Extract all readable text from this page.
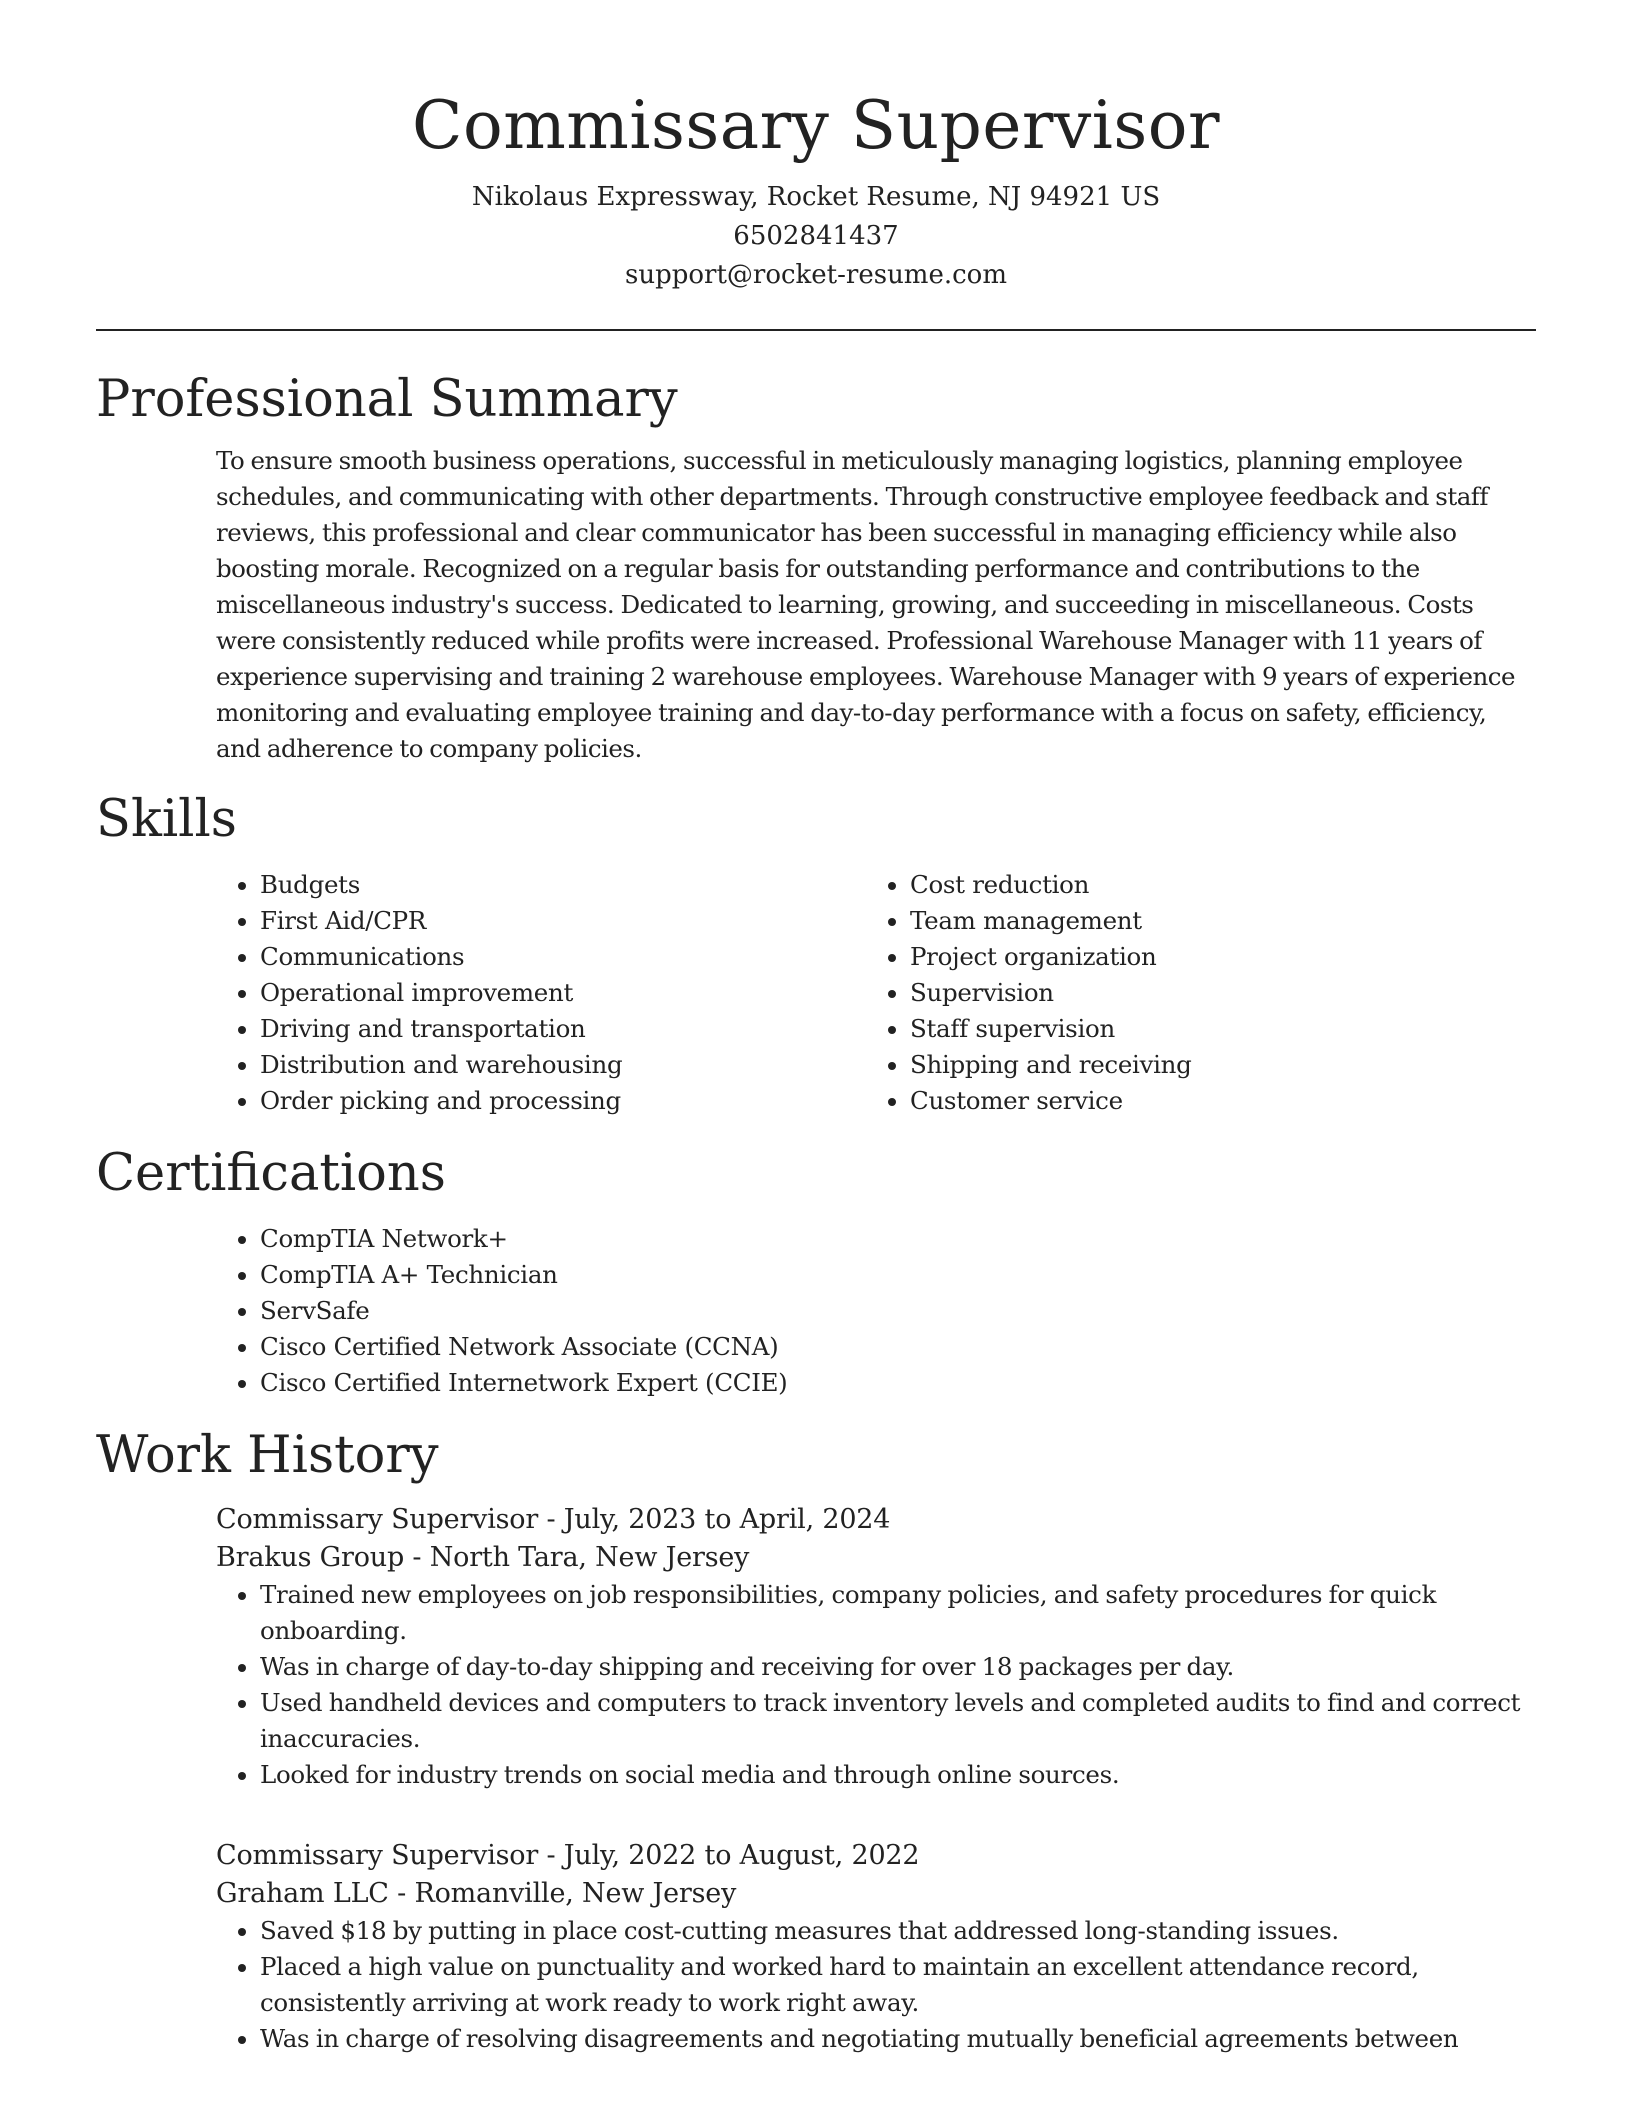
Commissary Supervisor
Nikolaus Expressway, Rocket Resume, NJ 94921 US
6502841437
support@rocket-resume.com
Professional Summary
To ensure smooth business operations, successful in meticulously managing logistics, planning employee schedules, and communicating with other departments. Through constructive employee feedback and staff reviews, this professional and clear communicator has been successful in managing efficiency while also boosting morale. Recognized on a regular basis for outstanding performance and contributions to the miscellaneous industry's success. Dedicated to learning, growing, and succeeding in miscellaneous. Costs were consistently reduced while profits were increased. Professional Warehouse Manager with 11 years of experience supervising and training 2 warehouse employees. Warehouse Manager with 9 years of experience monitoring and evaluating employee training and day-to-day performance with a focus on safety, efficiency, and adherence to company policies.
Skills
• Budgets
• First Aid/CPR
• Communications
• Operational improvement
• Driving and transportation
• Distribution and warehousing
• Order picking and processing
• Cost reduction
• Team management
• Project organization
• Supervision
• Staff supervision
• Shipping and receiving
• Customer service
Certifications
• CompTIA Network+
• CompTIA A+ Technician
• ServSafe
• Cisco Certified Network Associate (CCNA)
• Cisco Certified Internetwork Expert (CCIE)
Work History
Commissary Supervisor - July, 2023 to April, 2024
Brakus Group - North Tara, New Jersey
• Trained new employees on job responsibilities, company policies, and safety procedures for quick onboarding.
• Was in charge of day-to-day shipping and receiving for over 18 packages per day.
• Used handheld devices and computers to track inventory levels and completed audits to find and correct inaccuracies.
• Looked for industry trends on social media and through online sources.
Commissary Supervisor - July, 2022 to August, 2022
Graham LLC - Romanville, New Jersey
• Saved $18 by putting in place cost-cutting measures that addressed long-standing issues.
• Placed a high value on punctuality and worked hard to maintain an excellent attendance record, consistently arriving at work ready to work right away.
• Was in charge of resolving disagreements and negotiating mutually beneficial agreements between
